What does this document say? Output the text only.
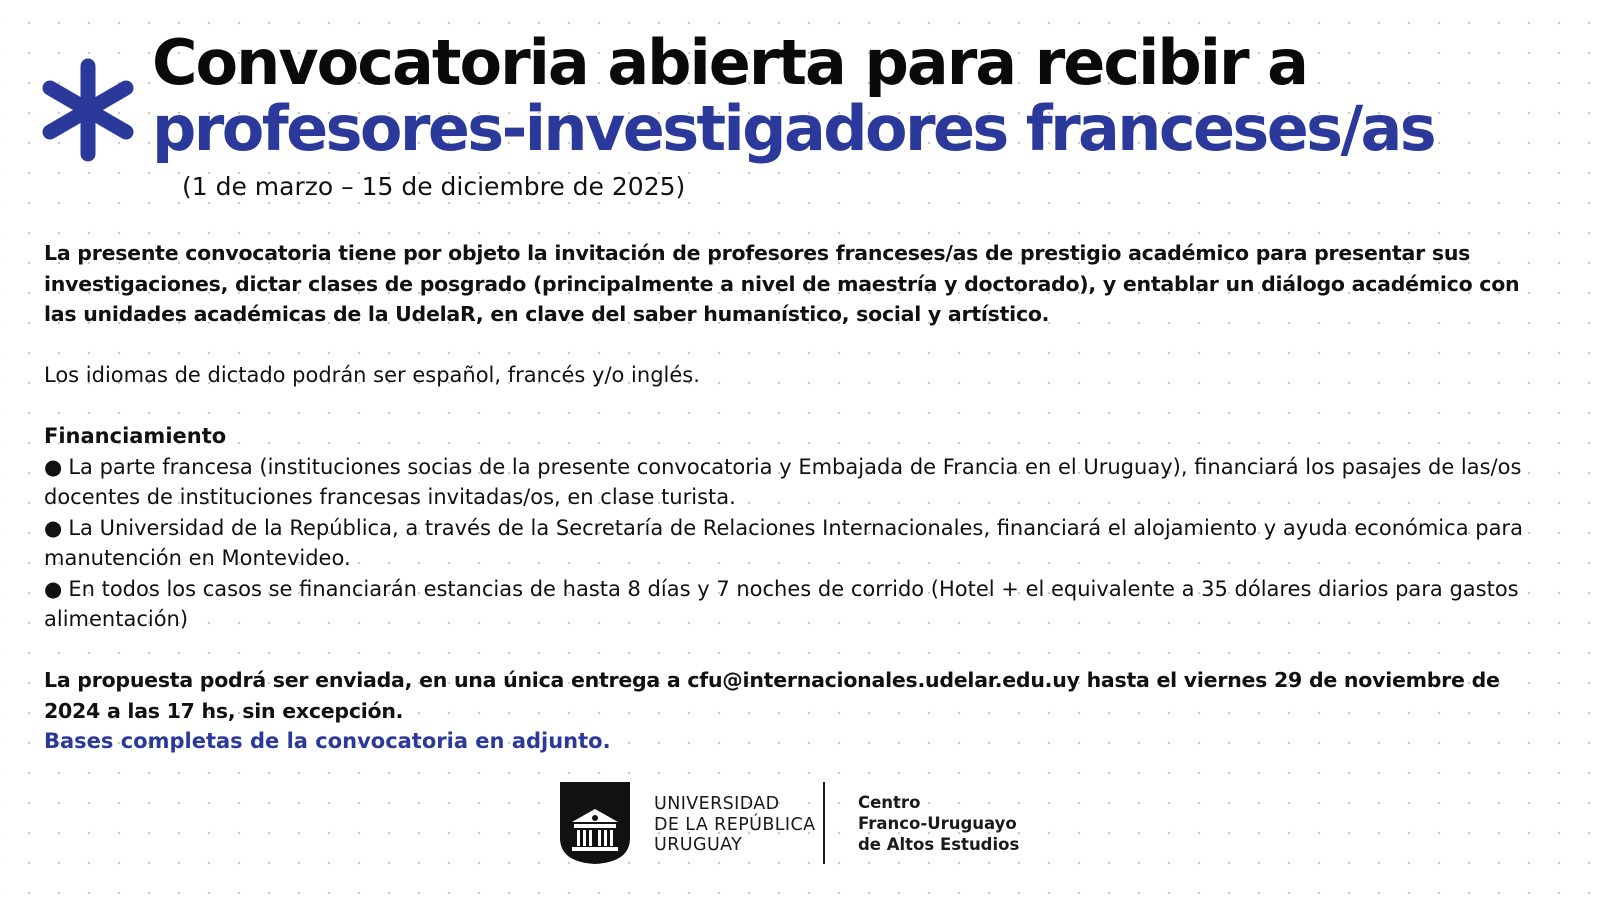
Convocatoria abierta para recibir a
profesores-investigadores franceses/as
(1 de marzo – 15 de diciembre de 2025)

La presente convocatoria tiene por objeto la invitación de profesores franceses/as de prestigio académico para presentar sus investigaciones, dictar clases de posgrado (principalmente a nivel de maestría y doctorado), y entablar un diálogo académico con las unidades académicas de la UdelaR, en clave del saber humanístico, social y artístico.

Los idiomas de dictado podrán ser español, francés y/o inglés.

Financiamiento

● La parte francesa (instituciones socias de la presente convocatoria y Embajada de Francia en el Uruguay), financiará los pasajes de las/os docentes de instituciones francesas invitadas/os, en clase turista.

● La Universidad de la República, a través de la Secretaría de Relaciones Internacionales, financiará el alojamiento y ayuda económica para manutención en Montevideo.

● En todos los casos se financiarán estancias de hasta 8 días y 7 noches de corrido (Hotel + el equivalente a 35 dólares diarios para gastos alimentación)

La propuesta podrá ser enviada, en una única entrega a cfu@internacionales.udelar.edu.uy hasta el viernes 29 de noviembre de 2024 a las 17 hs, sin excepción.

Bases completas de la convocatoria en adjunto.

UNIVERSIDAD
DE LA REPÚBLICA
URUGUAY
Centro
Franco-Uruguayo
de Altos Estudios
